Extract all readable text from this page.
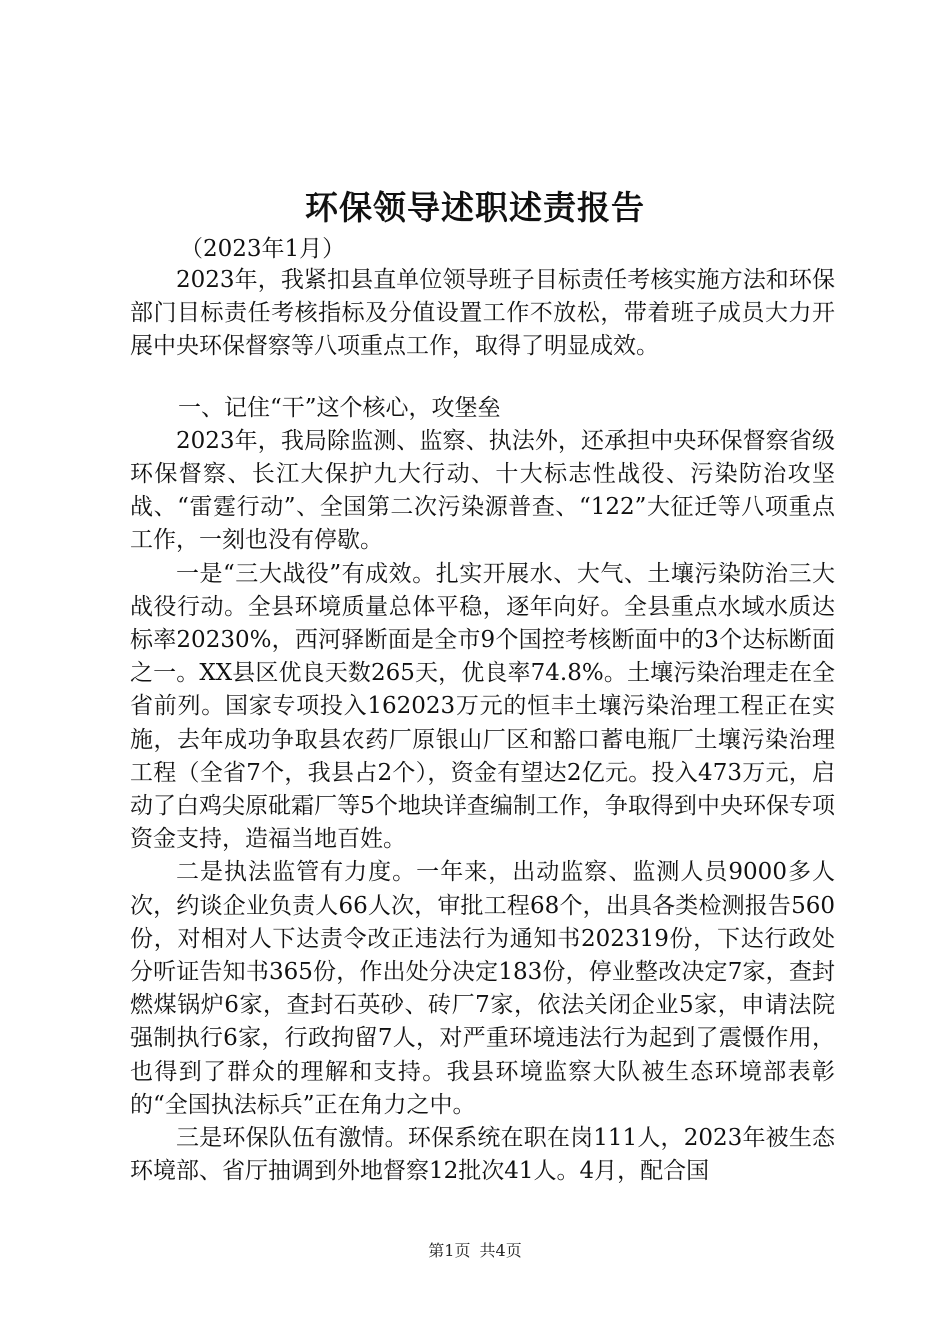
环保领导述职述责报告

（2023年1月）

2023年，我紧扣县直单位领导班子目标责任考核实施方法和环保部门目标责任考核指标及分值设置工作不放松，带着班子成员大力开展中央环保督察等八项重点工作，取得了明显成效。

一、记住“干”这个核心，攻堡垒

2023年，我局除监测、监察、执法外，还承担中央环保督察省级环保督察、长江大保护九大行动、十大标志性战役、污染防治攻坚战、“雷霆行动”、全国第二次污染源普查、“122”大征迁等八项重点工作，一刻也没有停歇。

一是“三大战役”有成效。扎实开展水、大气、土壤污染防治三大战役行动。全县环境质量总体平稳，逐年向好。全县重点水域水质达标率20230%，西河驿断面是全市9个国控考核断面中的3个达标断面之一。XX县区优良天数265天，优良率74.8%。土壤污染治理走在全省前列。国家专项投入162023万元的恒丰土壤污染治理工程正在实施，去年成功争取县农药厂原银山厂区和豁口蓄电瓶厂土壤污染治理工程（全省7个，我县占2个），资金有望达2亿元。投入473万元，启动了白鸡尖原砒霜厂等5个地块详查编制工作，争取得到中央环保专项资金支持，造福当地百姓。

二是执法监管有力度。一年来，出动监察、监测人员9000多人次，约谈企业负责人66人次，审批工程68个，出具各类检测报告560份，对相对人下达责令改正违法行为通知书202319份，下达行政处分听证告知书365份，作出处分决定183份，停业整改决定7家，查封燃煤锅炉6家，查封石英砂、砖厂7家，依法关闭企业5家，申请法院强制执行6家，行政拘留7人，对严重环境违法行为起到了震慑作用，也得到了群众的理解和支持。我县环境监察大队被生态环境部表彰的“全国执法标兵”正在角力之中。

三是环保队伍有激情。环保系统在职在岗111人，2023年被生态环境部、省厅抽调到外地督察12批次41人。4月，配合国

第1页 共4页
